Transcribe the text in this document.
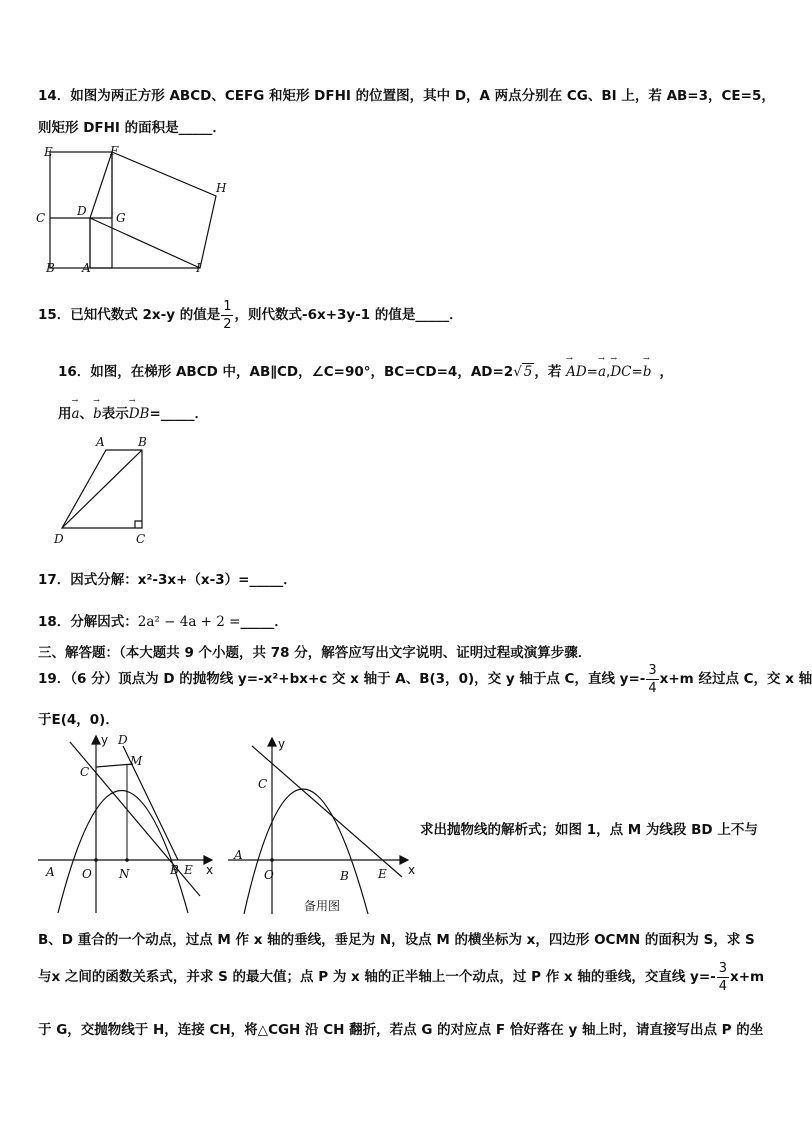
14．如图为两正方形 ABCD、CEFG 和矩形 DFHI 的位置图，其中 D，A 两点分别在 CG、BI 上，若 AB=3，CE=5，
则矩形 DFHI 的面积是_____．
E	F
H
C	D G
B A	I
15．已知代数式 2x-y 的值是 $\frac{1}{2}$ ，则代数式-6x+3y-1 的值是_____．
16．如图，在梯形 ABCD 中，AB∥CD，∠C=90°，BC=CD=4，AD=2√ 5 ，若 → AD=→ a,→ DC=→ b ，
用→ a、→ b表示→ DB=_____．
A	B
D	C
17．因式分解：x²-3x+（x-3）=_____．
18．分解因式：2a² − 4a + 2 =_____．
三、解答题：（本大题共 9 个小题，共 78 分，解答应写出文字说明、证明过程或演算步骤．
19．（6 分）顶点为 D 的抛物线 y=-x²+bx+c 交 x 轴于 A、B(3，0)，交 y 轴于点 C，直线 $y=- \frac{3}{4} x+m$ 经过点 C，交 x 轴
于E(4，0)．
y D
M
C
A O N	B E x
y
C
A
O	B E x
备用图
求出抛物线的解析式；如图 1，点 M 为线段 BD 上不与
B、D 重合的一个动点，过点 M 作 x 轴的垂线，垂足为 N，设点 M 的横坐标为 x，四边形 OCMN 的面积为 S，求 S
与x 之间的函数关系式，并求 S 的最大值；点 P 为 x 轴的正半轴上一个动点，过 P 作 x 轴的垂线，交直线 $y=- \frac{3}{4} x+m$
于 G，交抛物线于 H，连接 CH，将△CGH 沿 CH 翻折，若点 G 的对应点 F 恰好落在 y 轴上时，请直接写出点 P 的坐
